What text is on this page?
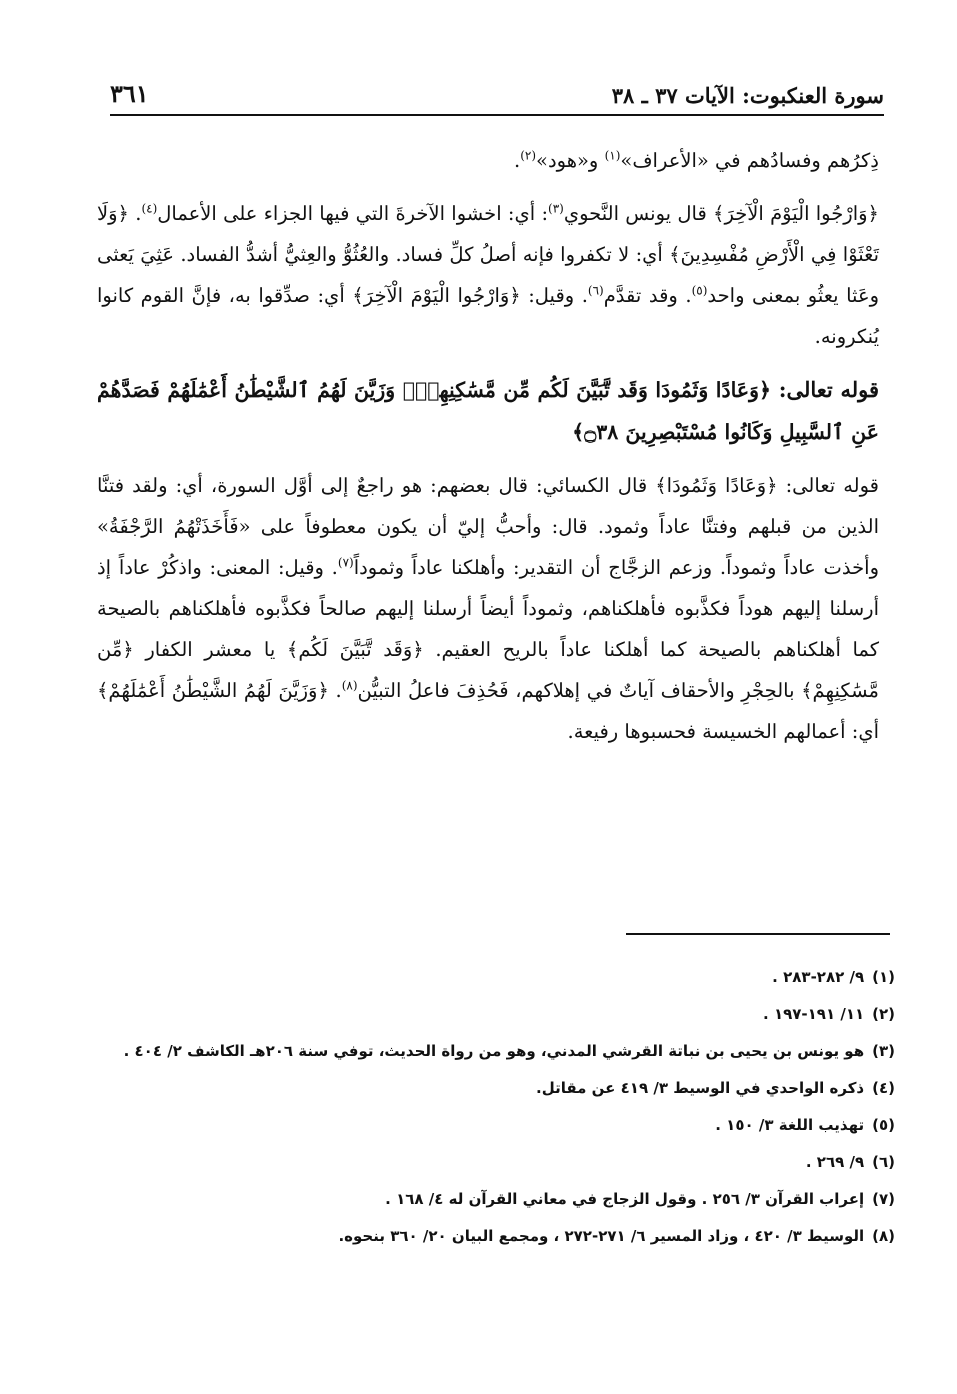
سورة العنكبوت: الآيات ٣٧ ـ ٣٨
٣٦١

ذِكرُهم وفسادُهم في «الأعراف»$^{(١)}$ و«هود»$^{(٢)}$.

﴿وَارْجُوا الْيَوْمَ الْآخِرَ﴾ قال يونس النَّحوي$^{(٣)}$: أي: اخشوا الآخرةَ التي فيها الجزاء على الأعمال$^{(٤)}$. ﴿وَلَا تَعْثَوْا فِي الْأَرْضِ مُفْسِدِينَ﴾ أي: لا تكفروا فإنه أصلُ كلِّ فساد. والعُثُوُّ والعِثيُّ أشدُّ الفساد. عَثِيَ يَعثى وعَثا يعثُو بمعنى واحد$^{(٥)}$. وقد تقدَّم$^{(٦)}$. وقيل: ﴿وَارْجُوا الْيَوْمَ الْآخِرَ﴾ أي: صدِّقوا به، فإنَّ القوم كانوا يُنكرونه.

قوله تعالى: ﴿وَعَادًا وَثَمُودَا وَقَد تَّبَيَّنَ لَكُم مِّن مَّسَٰكِنِهِمْۖ وَزَيَّنَ لَهُمُ ٱلشَّيْطَٰنُ أَعْمَٰلَهُمْ فَصَدَّهُمْ عَنِ ٱلسَّبِيلِ وَكَانُوا مُسْتَبْصِرِينَ ۝٣٨﴾

قوله تعالى: ﴿وَعَادًا وَثَمُودَا﴾ قال الكسائي: قال بعضهم: هو راجعٌ إلى أوَّل السورة، أي: ولقد فتنَّا الذين من قبلهم وفتنَّا عاداً وثمود. قال: وأحبُّ إليّ أن يكون معطوفاً على «فَأَخَذَتْهُمُ الرَّجْفَةُ» وأخذت عاداً وثموداً. وزعم الزجَّاج أن التقدير: وأهلكنا عاداً وثموداً$^{(٧)}$. وقيل: المعنى: واذكُرْ عاداً إذ أرسلنا إليهم هوداً فكذَّبوه فأهلكناهم، وثموداً أيضاً أرسلنا إليهم صالحاً فكذَّبوه فأهلكناهم بالصيحة كما أهلكناهم بالصيحة كما أهلكنا عاداً بالريح العقيم. ﴿وَقَد تَّبَيَّنَ لَكُم﴾ يا معشر الكفار ﴿مِّن مَّسَٰكِنِهِمْ﴾ بالحِجْرِ والأحقاف آياتٌ في إهلاكهم، فَحُذِفَ فاعلُ التبيُّن$^{(٨)}$. ﴿وَزَيَّنَ لَهُمُ الشَّيْطَٰنُ أَعْمَٰلَهُمْ﴾ أي: أعمالهم الخسيسة فحسبوها رفيعة.

(١)٩/ ٢٨٢-٢٨٣ .
(٢)١١/ ١٩١-١٩٧ .
(٣)هو يونس بن يحيى بن نباتة القرشي المدني، وهو من رواة الحديث، توفي سنة ٢٠٦هـ الكاشف ٢/ ٤٠٤ .
(٤)ذكره الواحدي في الوسيط ٣/ ٤١٩ عن مقاتل.
(٥)تهذيب اللغة ٣/ ١٥٠ .
(٦)٩/ ٢٦٩ .
(٧)إعراب القرآن ٣/ ٢٥٦ . وقول الزجاج في معاني القرآن له ٤/ ١٦٨ .
(٨)الوسيط ٣/ ٤٢٠ ، وزاد المسير ٦/ ٢٧١-٢٧٢ ، ومجمع البيان ٢٠/ ٣٦٠ بنحوه.
